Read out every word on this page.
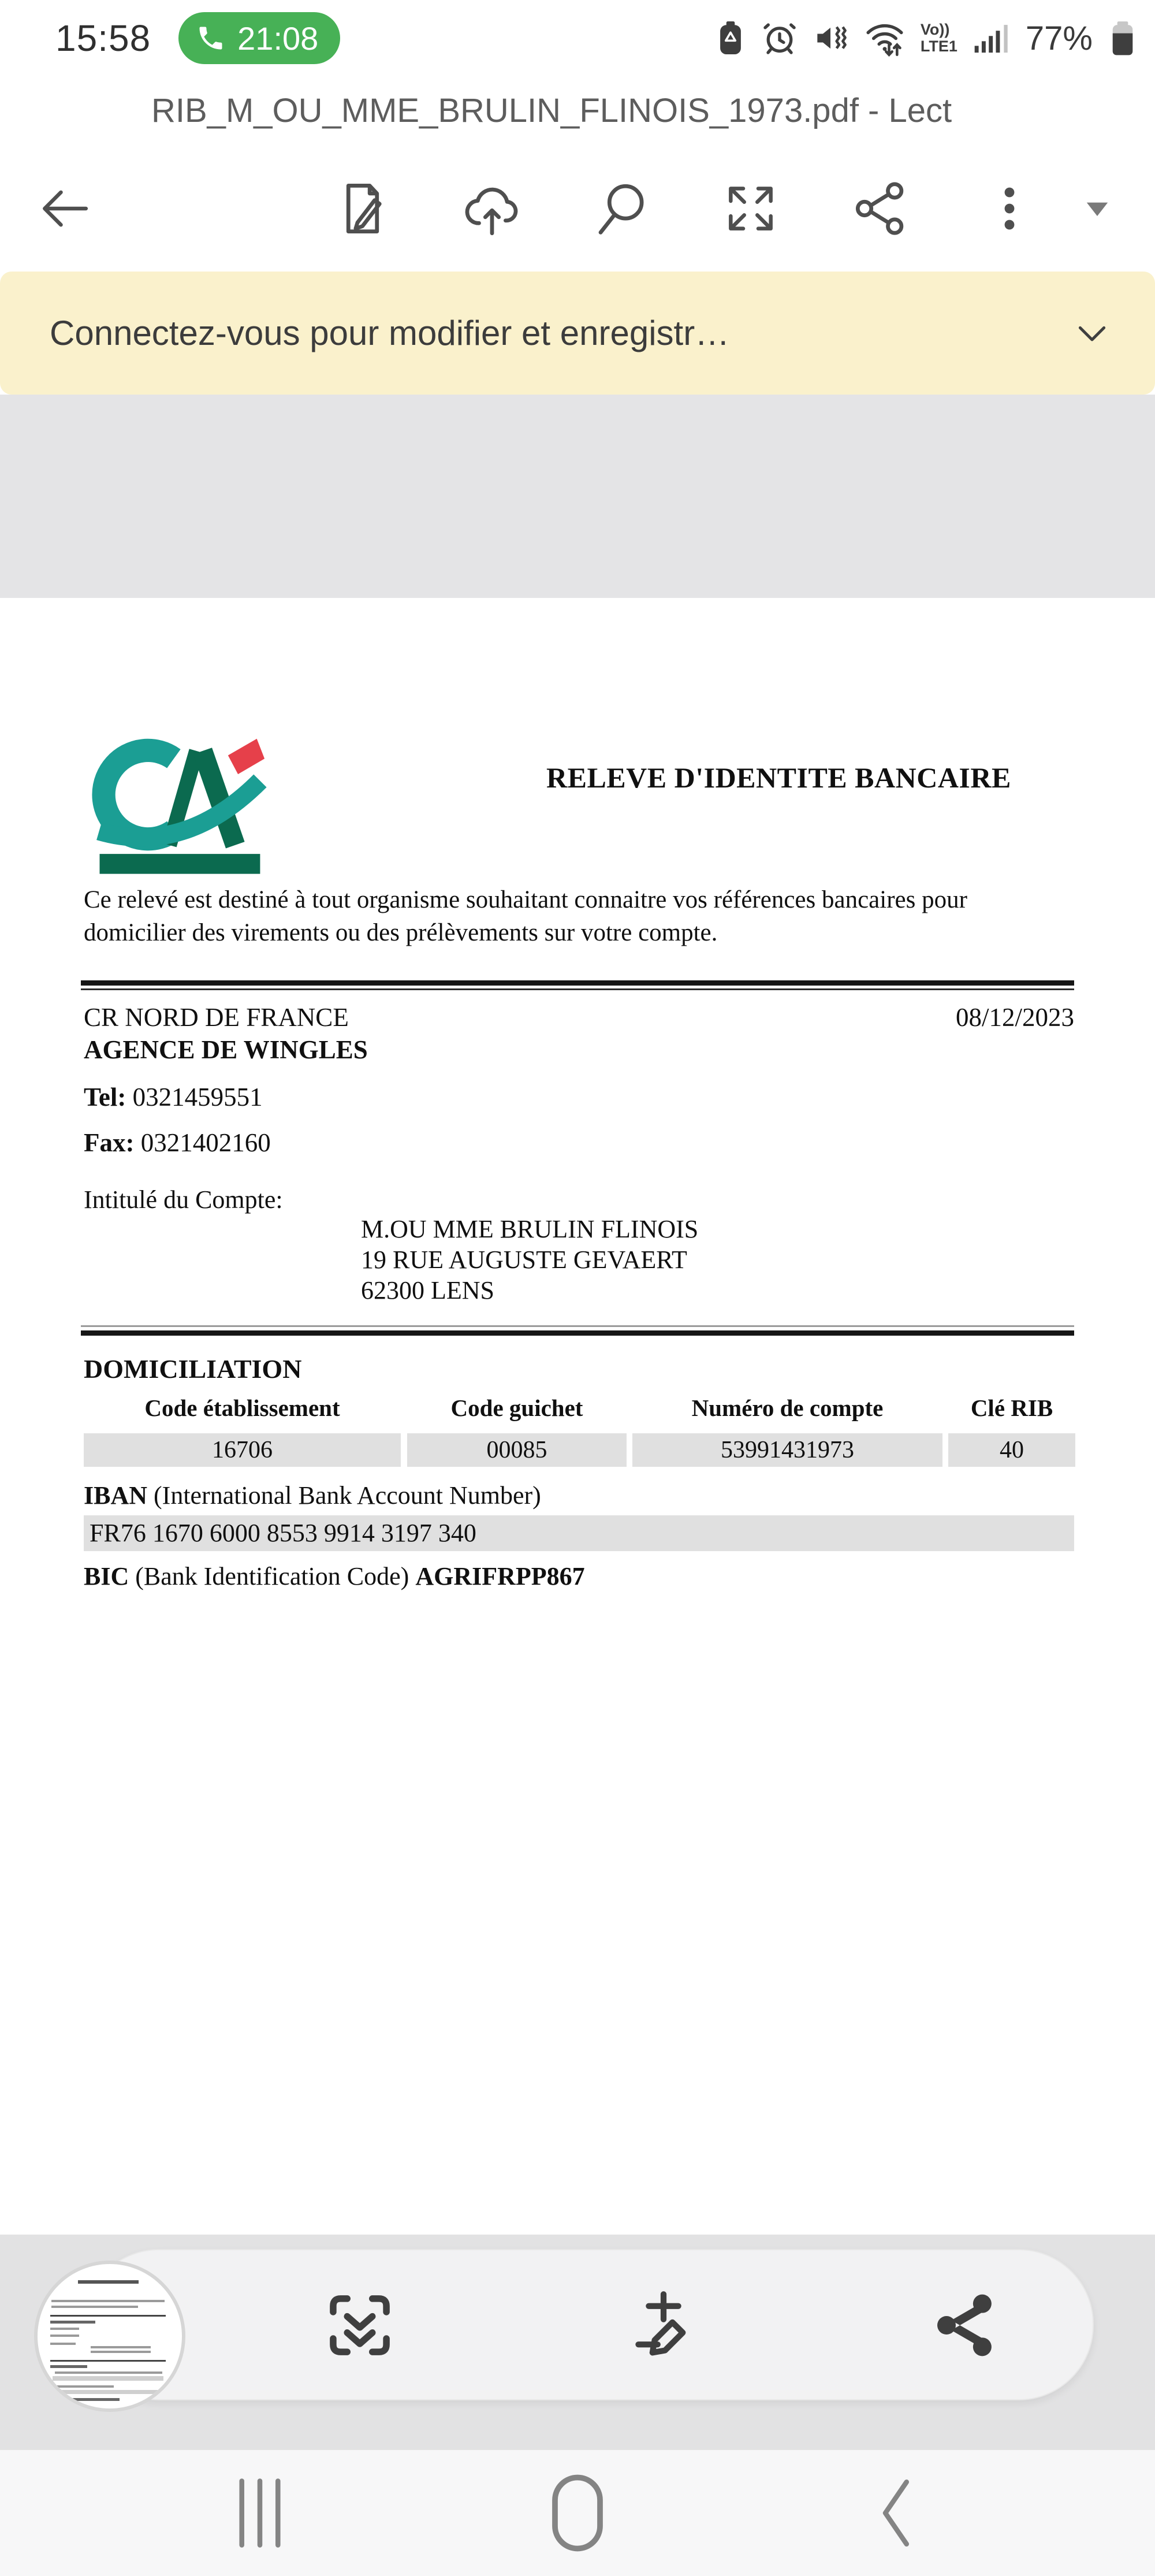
15:58	21:08	Vo))
LTE1 77%
RIB_M_OU_MME_BRULIN_FLINOIS_1973.pdf - Lect
Connectez-vous pour modifier et enregistr…
RELEVE D'IDENTITE BANCAIRE
Ce relevé est destiné à tout organisme souhaitant connaitre vos références bancaires pour domicilier des virements ou des prélèvements sur votre compte.
CR NORD DE FRANCE	08/12/2023
AGENCE DE WINGLES
Tel: 0321459551
Fax: 0321402160
Intitulé du Compte:
M.OU MME BRULIN FLINOIS
19 RUE AUGUSTE GEVAERT
62300 LENS
DOMICILIATION
Code établissement	Code guichet	Numéro de compte	Clé RIB
16706	00085	53991431973	40
IBAN (International Bank Account Number)
FR76 1670 6000 8553 9914 3197 340
BIC (Bank Identification Code) AGRIFRPP867
